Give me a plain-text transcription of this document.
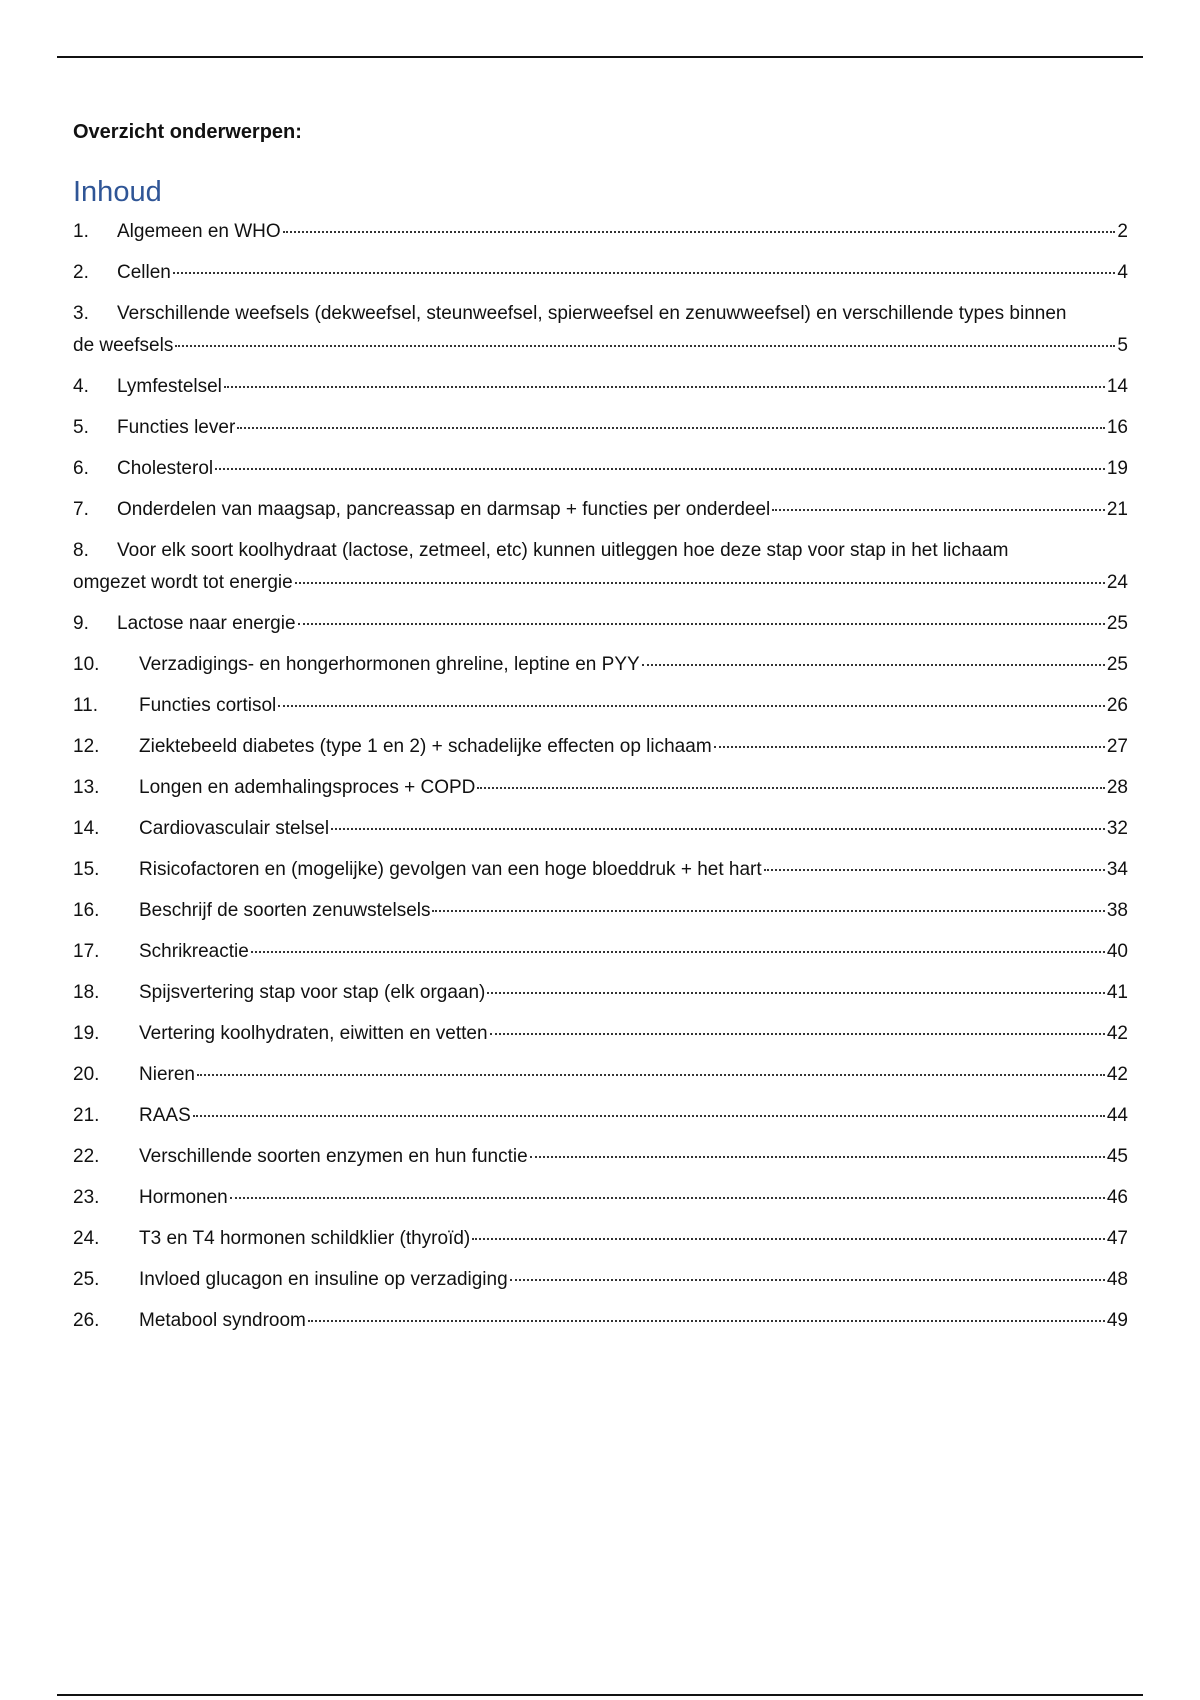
Overzicht onderwerpen:
Inhoud
1.	Algemeen en WHO	2
2.	Cellen	4
3.	Verschillende weefsels (dekweefsel, steunweefsel, spierweefsel en zenuwweefsel) en verschillende types binnen
de weefsels	5
4.	Lymfestelsel	14
5.	Functies lever	16
6.	Cholesterol	19
7.	Onderdelen van maagsap, pancreassap en darmsap + functies per onderdeel	21
8.	Voor elk soort koolhydraat (lactose, zetmeel, etc) kunnen uitleggen hoe deze stap voor stap in het lichaam
omgezet wordt tot energie	24
9.	Lactose naar energie	25
10.	Verzadigings- en hongerhormonen ghreline, leptine en PYY	25
11.	Functies cortisol	26
12.	Ziektebeeld diabetes (type 1 en 2) + schadelijke effecten op lichaam	27
13.	Longen en ademhalingsproces + COPD	28
14.	Cardiovasculair stelsel	32
15.	Risicofactoren en (mogelijke) gevolgen van een hoge bloeddruk + het hart	34
16.	Beschrijf de soorten zenuwstelsels	38
17.	Schrikreactie	40
18.	Spijsvertering stap voor stap (elk orgaan)	41
19.	Vertering koolhydraten, eiwitten en vetten	42
20.	Nieren	42
21.	RAAS	44
22.	Verschillende soorten enzymen en hun functie	45
23.	Hormonen	46
24.	T3 en T4 hormonen schildklier (thyroïd)	47
25.	Invloed glucagon en insuline op verzadiging	48
26.	Metabool syndroom	49
